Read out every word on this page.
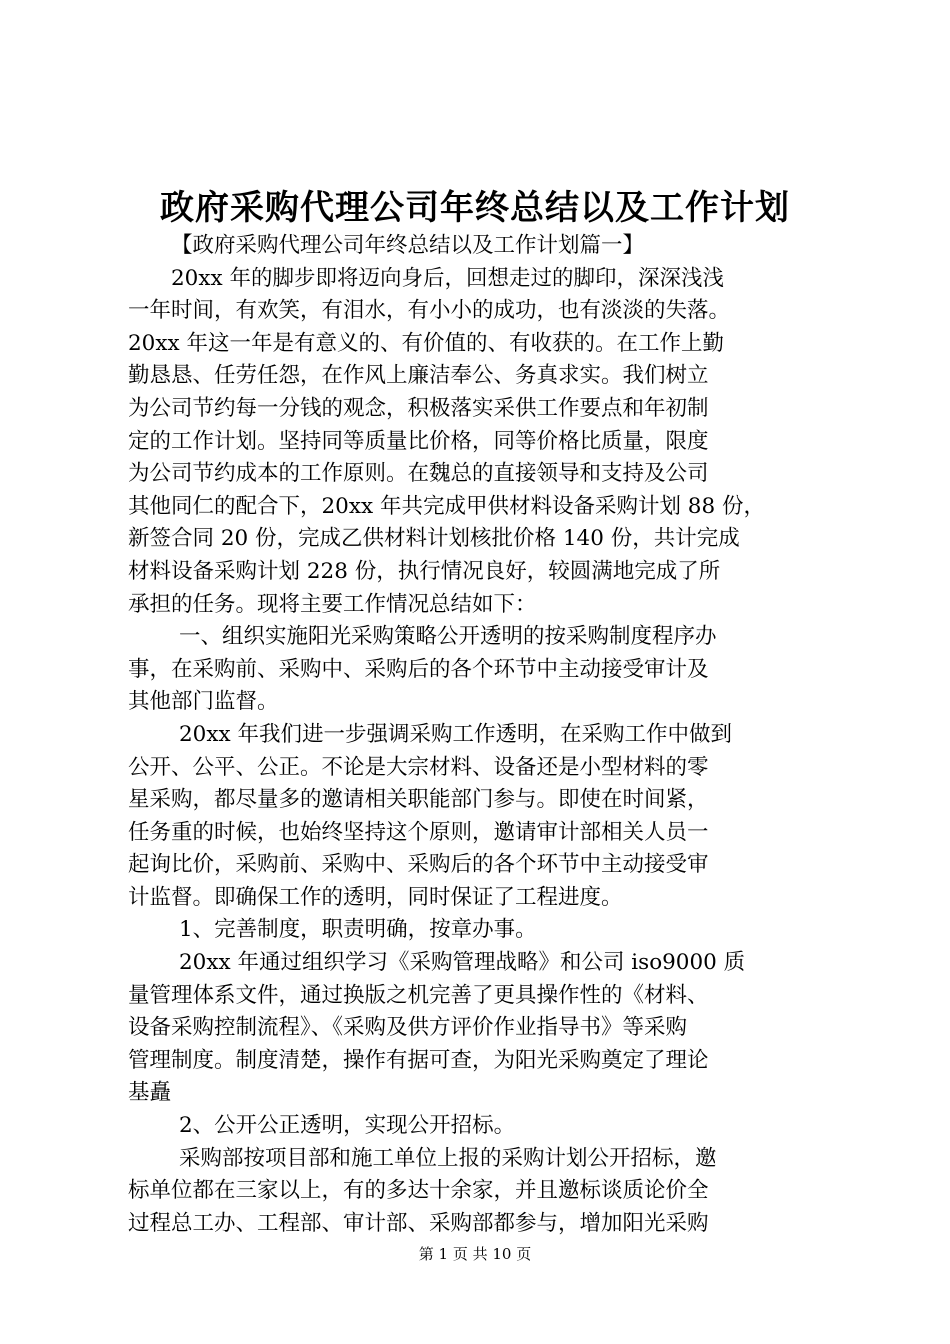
政府采购代理公司年终总结以及工作计划
【政府采购代理公司年终总结以及工作计划篇一】
20xx 年的脚步即将迈向身后，回想走过的脚印，深深浅浅
一年时间，有欢笑，有泪水，有小小的成功，也有淡淡的失落。
20xx 年这一年是有意义的、有价值的、有收获的。在工作上勤
勤恳恳、任劳任怨，在作风上廉洁奉公、务真求实。我们树立
为公司节约每一分钱的观念，积极落实采供工作要点和年初制
定的工作计划。坚持同等质量比价格，同等价格比质量，限度
为公司节约成本的工作原则。在魏总的直接领导和支持及公司
其他同仁的配合下，20xx 年共完成甲供材料设备采购计划 88 份，
新签合同 20 份，完成乙供材料计划核批价格 140 份，共计完成
材料设备采购计划 228 份，执行情况良好，较圆满地完成了所
承担的任务。现将主要工作情况总结如下：
一、组织实施阳光采购策略公开透明的按采购制度程序办
事，在采购前、采购中、采购后的各个环节中主动接受审计及
其他部门监督。
20xx 年我们进一步强调采购工作透明，在采购工作中做到
公开、公平、公正。不论是大宗材料、设备还是小型材料的零
星采购，都尽量多的邀请相关职能部门参与。即使在时间紧，
任务重的时候，也始终坚持这个原则，邀请审计部相关人员一
起询比价，采购前、采购中、采购后的各个环节中主动接受审
计监督。即确保工作的透明，同时保证了工程进度。
1、完善制度，职责明确，按章办事。
20xx 年通过组织学习《采购管理战略》和公司 iso9000 质
量管理体系文件，通过换版之机完善了更具操作性的《材料、
设备采购控制流程》、《采购及供方评价作业指导书》等采购
管理制度。制度清楚，操作有据可查，为阳光采购奠定了理论
基矗
2、公开公正透明，实现公开招标。
采购部按项目部和施工单位上报的采购计划公开招标，邀
标单位都在三家以上，有的多达十余家，并且邀标谈质论价全
过程总工办、工程部、审计部、采购部都参与，增加阳光采购
第 1 页 共 10 页
